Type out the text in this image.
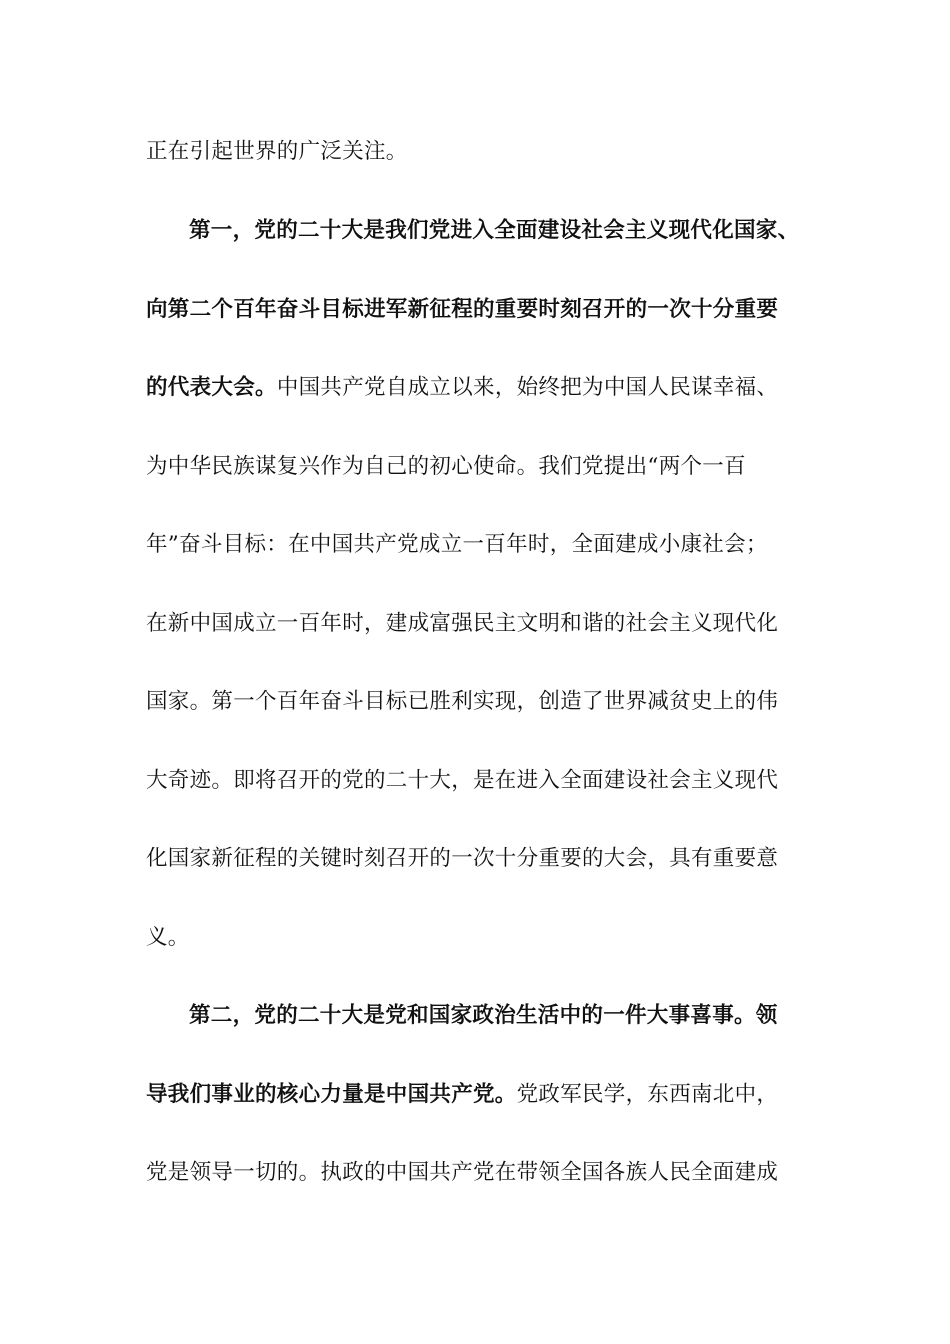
正在引起世界的广泛关注。
第一，党的二十大是我们党进入全面建设社会主义现代化国家、
向第二个百年奋斗目标进军新征程的重要时刻召开的一次十分重要
的代表大会。中国共产党自成立以来，始终把为中国人民谋幸福、
为中华民族谋复兴作为自己的初心使命。我们党提出“两个一百
年”奋斗目标：在中国共产党成立一百年时，全面建成小康社会；
在新中国成立一百年时，建成富强民主文明和谐的社会主义现代化
国家。第一个百年奋斗目标已胜利实现，创造了世界减贫史上的伟
大奇迹。即将召开的党的二十大，是在进入全面建设社会主义现代
化国家新征程的关键时刻召开的一次十分重要的大会，具有重要意
义。
第二，党的二十大是党和国家政治生活中的一件大事喜事。领
导我们事业的核心力量是中国共产党。党政军民学，东西南北中，
党是领导一切的。执政的中国共产党在带领全国各族人民全面建成
